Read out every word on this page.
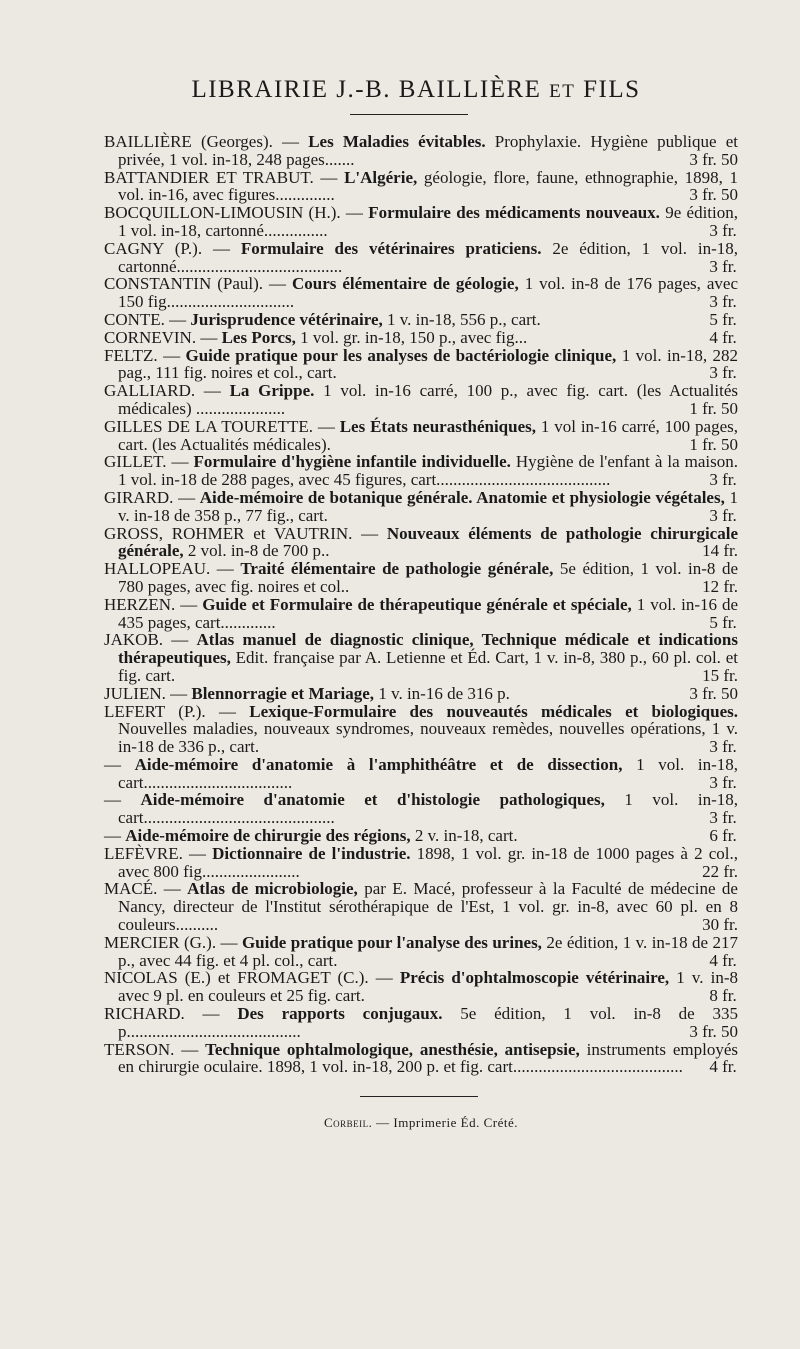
LIBRAIRIE J.-B. BAILLIÈRE ET FILS

BAILLIÈRE (Georges). — Les Maladies évitables. Prophylaxie. Hygiène publique et privée, 1 vol. in-18, 248 pages.......	3 fr. 50

BATTANDIER ET TRABUT. — L'Algérie, géologie, flore, faune, ethnographie, 1898, 1 vol. in-16, avec figures..............	3 fr. 50

BOCQUILLON-LIMOUSIN (H.). — Formulaire des médicaments nouveaux. 9e édition, 1 vol. in-18, cartonné...............	3 fr.

CAGNY (P.). — Formulaire des vétérinaires praticiens. 2e édition, 1 vol. in-18, cartonné.......................................	3 fr.

CONSTANTIN (Paul). — Cours élémentaire de géologie, 1 vol. in-8 de 176 pages, avec 150 fig..............................	3 fr.

CONTE. — Jurisprudence vétérinaire, 1 v. in-18, 556 p., cart.	5 fr.

CORNEVIN. — Les Porcs, 1 vol. gr. in-18, 150 p., avec fig...	4 fr.

FELTZ. — Guide pratique pour les analyses de bactériologie clinique, 1 vol. in-18, 282 pag., 111 fig. noires et col., cart.	3 fr.

GALLIARD. — La Grippe. 1 vol. in-16 carré, 100 p., avec fig. cart. (les Actualités médicales) .....................	1 fr. 50

GILLES DE LA TOURETTE. — Les États neurasthéniques, 1 vol in-16 carré, 100 pages, cart. (les Actualités médicales).	1 fr. 50

GILLET. — Formulaire d'hygiène infantile individuelle. Hygiène de l'enfant à la maison. 1 vol. in-18 de 288 pages, avec 45 figures, cart.........................................	3 fr.

GIRARD. — Aide-mémoire de botanique générale. Anatomie et physiologie végétales, 1 v. in-18 de 358 p., 77 fig., cart.	3 fr.

GROSS, ROHMER et VAUTRIN. — Nouveaux éléments de pathologie chirurgicale générale, 2 vol. in-8 de 700 p..	14 fr.

HALLOPEAU. — Traité élémentaire de pathologie générale, 5e édition, 1 vol. in-8 de 780 pages, avec fig. noires et col..	12 fr.

HERZEN. — Guide et Formulaire de thérapeutique générale et spéciale, 1 vol. in-16 de 435 pages, cart.............	5 fr.

JAKOB. — Atlas manuel de diagnostic clinique, Technique médicale et indications thérapeutiques, Edit. française par A. Letienne et Éd. Cart, 1 v. in-8, 380 p., 60 pl. col. et fig. cart.	15 fr.

JULIEN. — Blennorragie et Mariage, 1 v. in-16 de 316 p.	3 fr. 50

LEFERT (P.). — Lexique-Formulaire des nouveautés médicales et biologiques. Nouvelles maladies, nouveaux syndromes, nouveaux remèdes, nouvelles opérations, 1 v. in-18 de 336 p., cart.	3 fr.

— Aide-mémoire d'anatomie à l'amphithéâtre et de dissection, 1 vol. in-18, cart...................................	3 fr.

— Aide-mémoire d'anatomie et d'histologie pathologiques, 1 vol. in-18, cart.............................................	3 fr.

— Aide-mémoire de chirurgie des régions, 2 v. in-18, cart.	6 fr.

LEFÈVRE. — Dictionnaire de l'industrie. 1898, 1 vol. gr. in-18 de 1000 pages à 2 col., avec 800 fig.......................	22 fr.

MACÉ. — Atlas de microbiologie, par E. Macé, professeur à la Faculté de médecine de Nancy, directeur de l'Institut sérothérapique de l'Est, 1 vol. gr. in-8, avec 60 pl. en 8 couleurs..........	30 fr.

MERCIER (G.). — Guide pratique pour l'analyse des urines, 2e édition, 1 v. in-18 de 217 p., avec 44 fig. et 4 pl. col., cart.	4 fr.

NICOLAS (E.) et FROMAGET (C.). — Précis d'ophtalmoscopie vétérinaire, 1 v. in-8 avec 9 pl. en couleurs et 25 fig. cart.	8 fr.

RICHARD. — Des rapports conjugaux. 5e édition, 1 vol. in-8 de 335 p.........................................	3 fr. 50

TERSON. — Technique ophtalmologique, anesthésie, antisepsie, instruments employés en chirurgie oculaire. 1898, 1 vol. in-18, 200 p. et fig. cart........................................ 4 fr.

Corbeil. — Imprimerie Éd. Crété.
